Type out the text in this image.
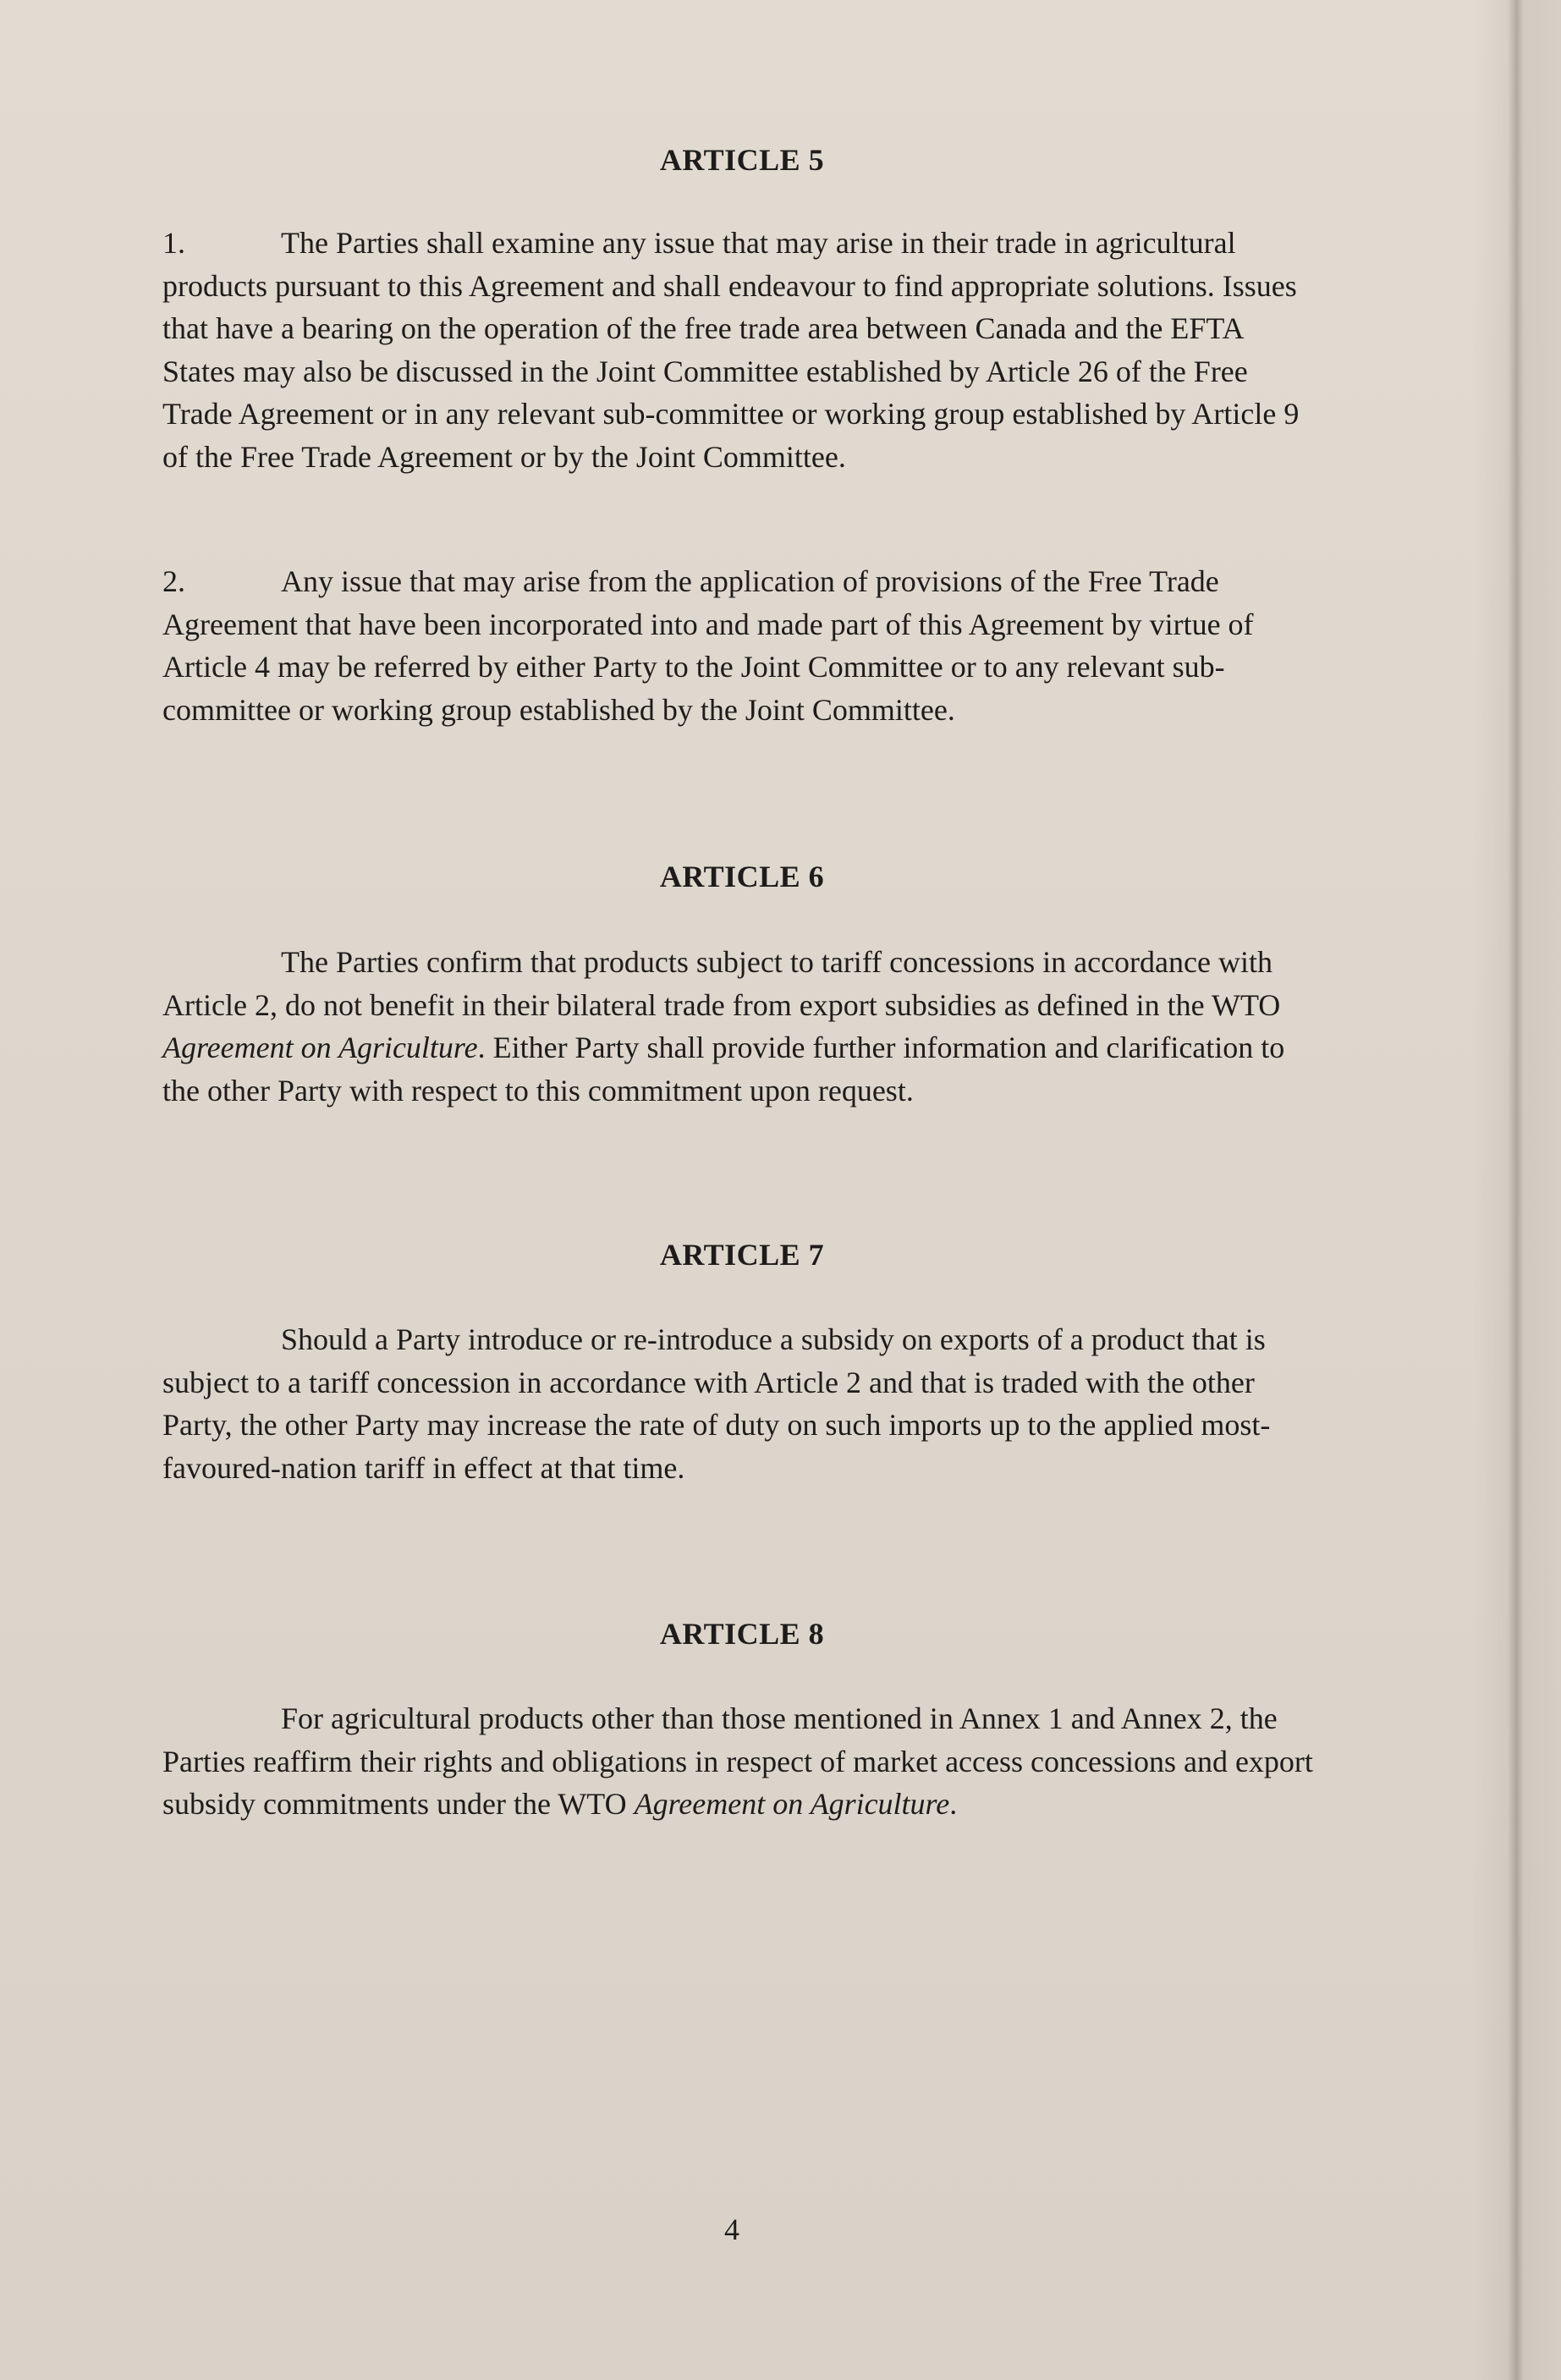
ARTICLE 5

1.	The Parties shall examine any issue that may arise in their trade in agricultural products pursuant to this Agreement and shall endeavour to find appropriate solutions. Issues that have a bearing on the operation of the free trade area between Canada and the EFTA States may also be discussed in the Joint Committee established by Article 26 of the Free Trade Agreement or in any relevant sub-committee or working group established by Article 9 of the Free Trade Agreement or by the Joint Committee.

2.	Any issue that may arise from the application of provisions of the Free Trade Agreement that have been incorporated into and made part of this Agreement by virtue of Article 4 may be referred by either Party to the Joint Committee or to any relevant sub-committee or working group established by the Joint Committee.

ARTICLE 6

The Parties confirm that products subject to tariff concessions in accordance with Article 2, do not benefit in their bilateral trade from export subsidies as defined in the WTO Agreement on Agriculture. Either Party shall provide further information and clarification to the other Party with respect to this commitment upon request.

ARTICLE 7

Should a Party introduce or re-introduce a subsidy on exports of a product that is subject to a tariff concession in accordance with Article 2 and that is traded with the other Party, the other Party may increase the rate of duty on such imports up to the applied most-favoured-nation tariff in effect at that time.

ARTICLE 8

For agricultural products other than those mentioned in Annex 1 and Annex 2, the Parties reaffirm their rights and obligations in respect of market access concessions and export subsidy commitments under the WTO Agreement on Agriculture.

4
